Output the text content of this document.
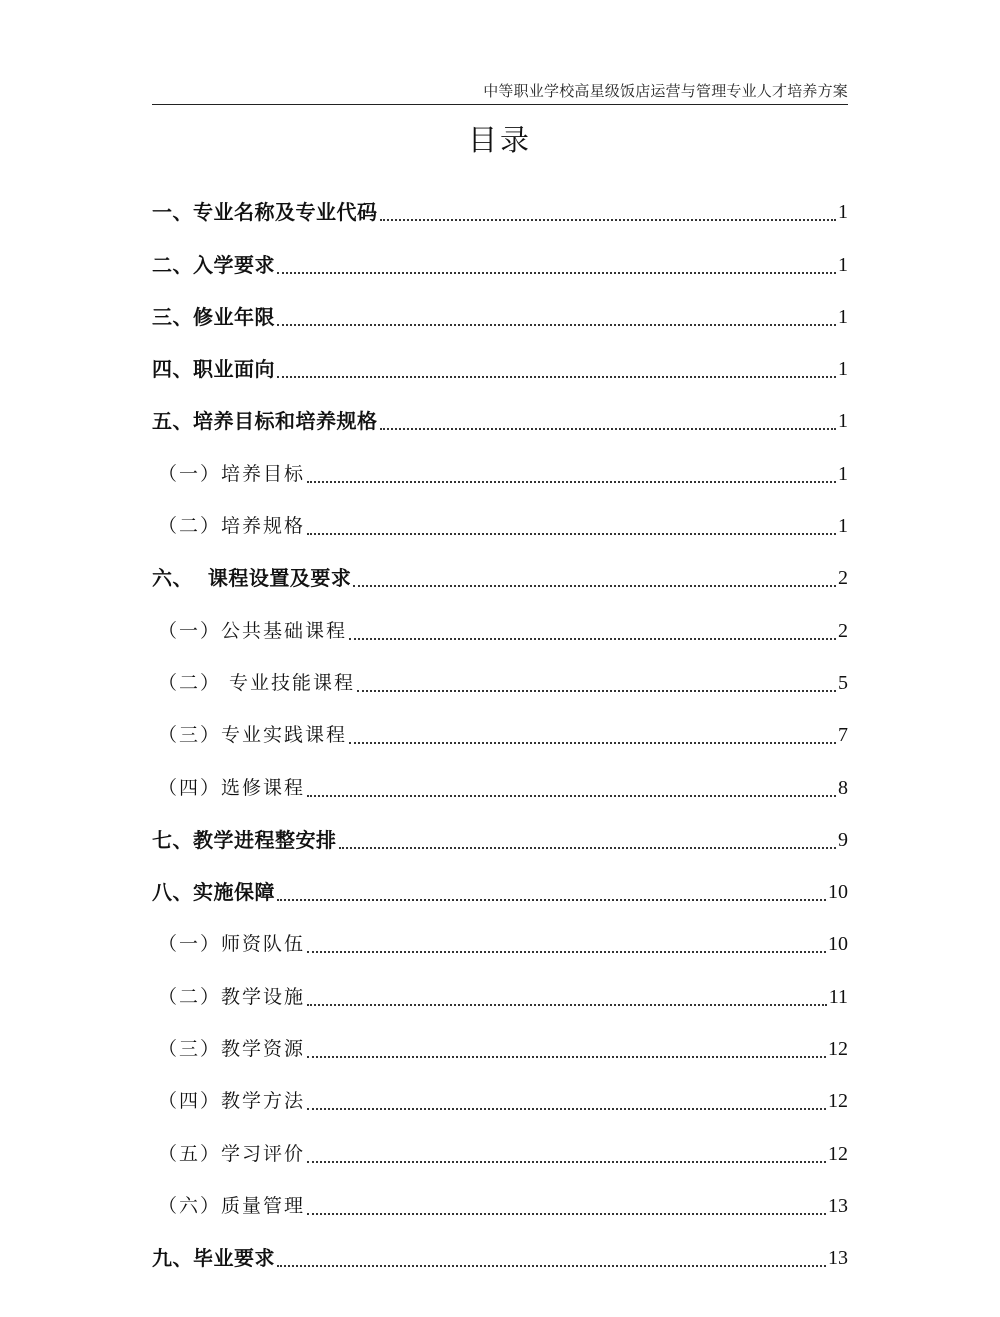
中等职业学校高星级饭店运营与管理专业人才培养方案
目录
一、专业名称及专业代码	1
二、入学要求	1
三、修业年限	1
四、职业面向	1
五、培养目标和培养规格	1
（一）培养目标	1
（二）培养规格	1
六、  课程设置及要求	2
（一）公共基础课程	2
（二） 专业技能课程	5
（三）专业实践课程	7
（四）选修课程	8
七、教学进程整安排	9
八、实施保障	10
（一）师资队伍	10
（二）教学设施	11
（三）教学资源	12
（四）教学方法	12
（五）学习评价	12
（六）质量管理	13
九、毕业要求	13
